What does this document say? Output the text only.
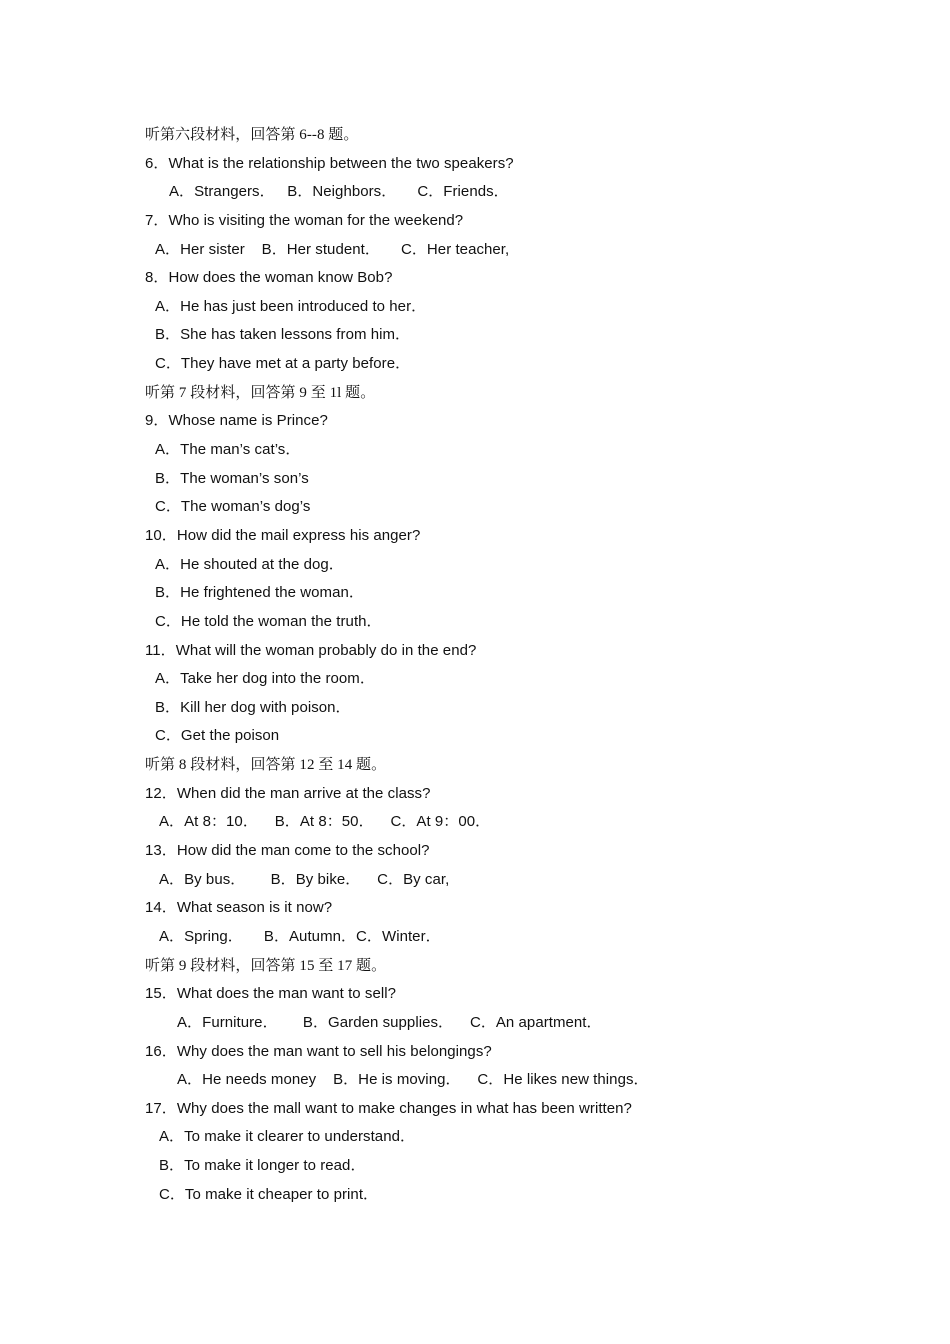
听第六段材料，回答第 6--8 题。
6．What is the relationship between the two speakers?
A．Strangers．   B．Neighbors．     C．Friends．
7．Who is visiting the woman for the weekend?
A．Her sister    B．Her student．     C．Her teacher,
8．How does the woman know Bob?
A．He has just been introduced to her．
B．She has taken lessons from him．
C．They have met at a party before．
听第 7 段材料，回答第 9 至 1l 题。
9．Whose name is Prince?
A．The man’s cat’s．
B．The woman’s son’s
C．The woman’s dog’s
10．How did the mail express his anger?
A．He shouted at the dog．
B．He frightened the woman．
C．He told the woman the truth．
11．What will the woman probably do in the end?
A．Take her dog into the room．
B．Kill her dog with poison．
C．Get the poison
听第 8 段材料，回答第 12 至 14 题。
12．When did the man arrive at the class?
A．At 8：10．    B．At 8：50．    C．At 9：00．
13．How did the man come to the school?
A．By bus．      B．By bike．    C．By car,
14．What season is it now?
A．Spring．     B．Autumn．C．Winter．
听第 9 段材料，回答第 15 至 17 题。
15．What does the man want to sell?
A．Furniture．      B．Garden supplies．    C．An apartment．
16．Why does the man want to sell his belongings?
A．He needs money    B．He is moving．    C．He likes new things．
17．Why does the mall want to make changes in what has been written?
A．To make it clearer to understand．
B．To make it longer to read．
C．To make it cheaper to print．
